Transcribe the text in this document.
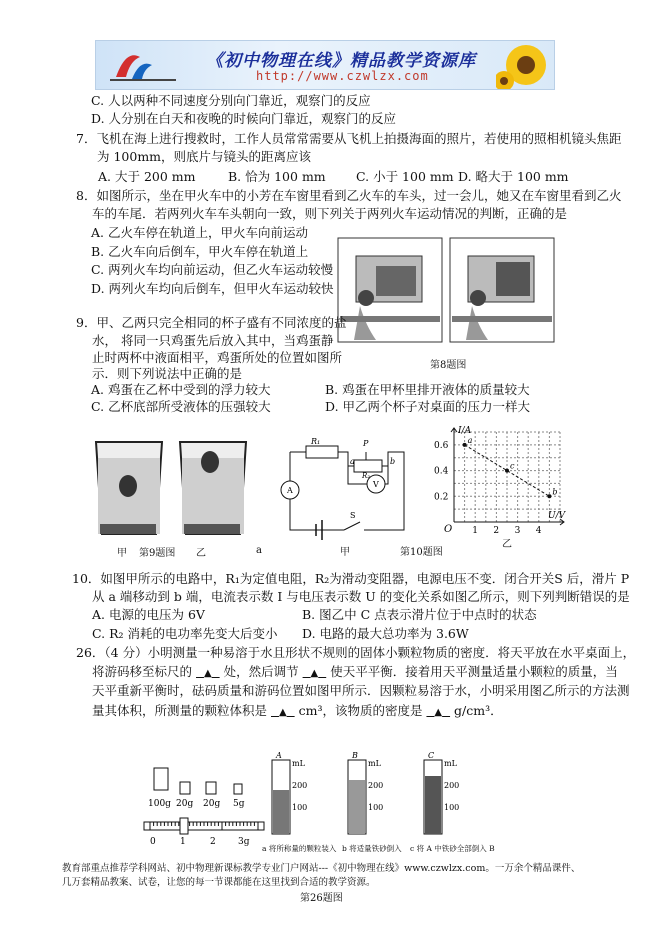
《初中物理在线》精品教学资源库
http://www.czwlzx.com
C. 人以两种不同速度分别向门靠近，观察门的反应
D. 人分别在白天和夜晚的时候向门靠近，观察门的反应
7．飞机在海上进行搜救时，工作人员常常需要从飞机上拍摄海面的照片，若使用的照相机镜头焦距
为 100mm，则底片与镜头的距离应该
A. 大于 200 mm	B. 恰为 100 mm C. 小于 100 mm D. 略大于 100 mm
8．如图所示，坐在甲火车中的小芳在车窗里看到乙火车的车头，过一会儿，她又在车窗里看到乙火
车的车尾．若两列火车车头朝向一致，则下列关于两列火车运动情况的判断，正确的是
A. 乙火车停在轨道上，甲火车向前运动
B. 乙火车向后倒车，甲火车停在轨道上
C. 两列火车均向前运动，但乙火车运动较慢
D. 两列火车均向后倒车，但甲火车运动较快
第8题图
9．甲、乙两只完全相同的杯子盛有不同浓度的盐
水， 将同一只鸡蛋先后放入其中，当鸡蛋静
止时两杯中液面相平，鸡蛋所处的位置如图所
示．则下列说法中正确的是
A. 鸡蛋在乙杯中受到的浮力较大	B. 鸡蛋在甲杯里排开液体的质量较大
C. 乙杯底部所受液体的压强较大	D. 甲乙两个杯子对桌面的压力一样大
甲 第9题图 乙	a
R₁	P
R₂
a	b
A
V
S
甲	第10题图
乙
0.6
0.4
0.2
1 2 3 4
a
c
b
I/A
U/V
O
10．如图甲所示的电路中，R₁为定值电阻，R₂为滑动变阻器，电源电压不变．闭合开关S 后，滑片 P
从 a 端移动到 b 端，电流表示数 I 与电压表示数 U 的变化关系如图乙所示，则下列判断错误的是
A. 电源的电压为 6V	B. 图乙中 C 点表示滑片位于中点时的状态
C. R₂ 消耗的电功率先变大后变小 D. 电路的最大总功率为 3.6W
26．（4 分）小明测量一种易溶于水且形状不规则的固体小颗粒物质的密度．将天平放在水平桌面上，
将游码移至标尺的 ▲ 处，然后调节 ▲ 使天平平衡．接着用天平测量适量小颗粒的质量，当
天平重新平衡时，砝码质量和游码位置如图甲所示．因颗粒易溶于水，小明采用图乙所示的方法测
量其体积，所测量的颗粒体积是 ▲ cm³，该物质的密度是 ▲ g/cm³．
100g 20g 20g 5g
0	1	2 3g
A
mL
200
100
B
mL
200
100
C
mL
200
100
a 将所称量的颗粒装入 b 将适量铁砂倒入 c 将 A 中铁砂全部倒入 B
教育部重点推荐学科网站、初中物理新课标教学专业门户网站---《初中物理在线》www.czwlzx.com。一万余个精品课件、
几万套精品教案、试卷，让您的每一节课都能在这里找到合适的教学资源。
第26题图
